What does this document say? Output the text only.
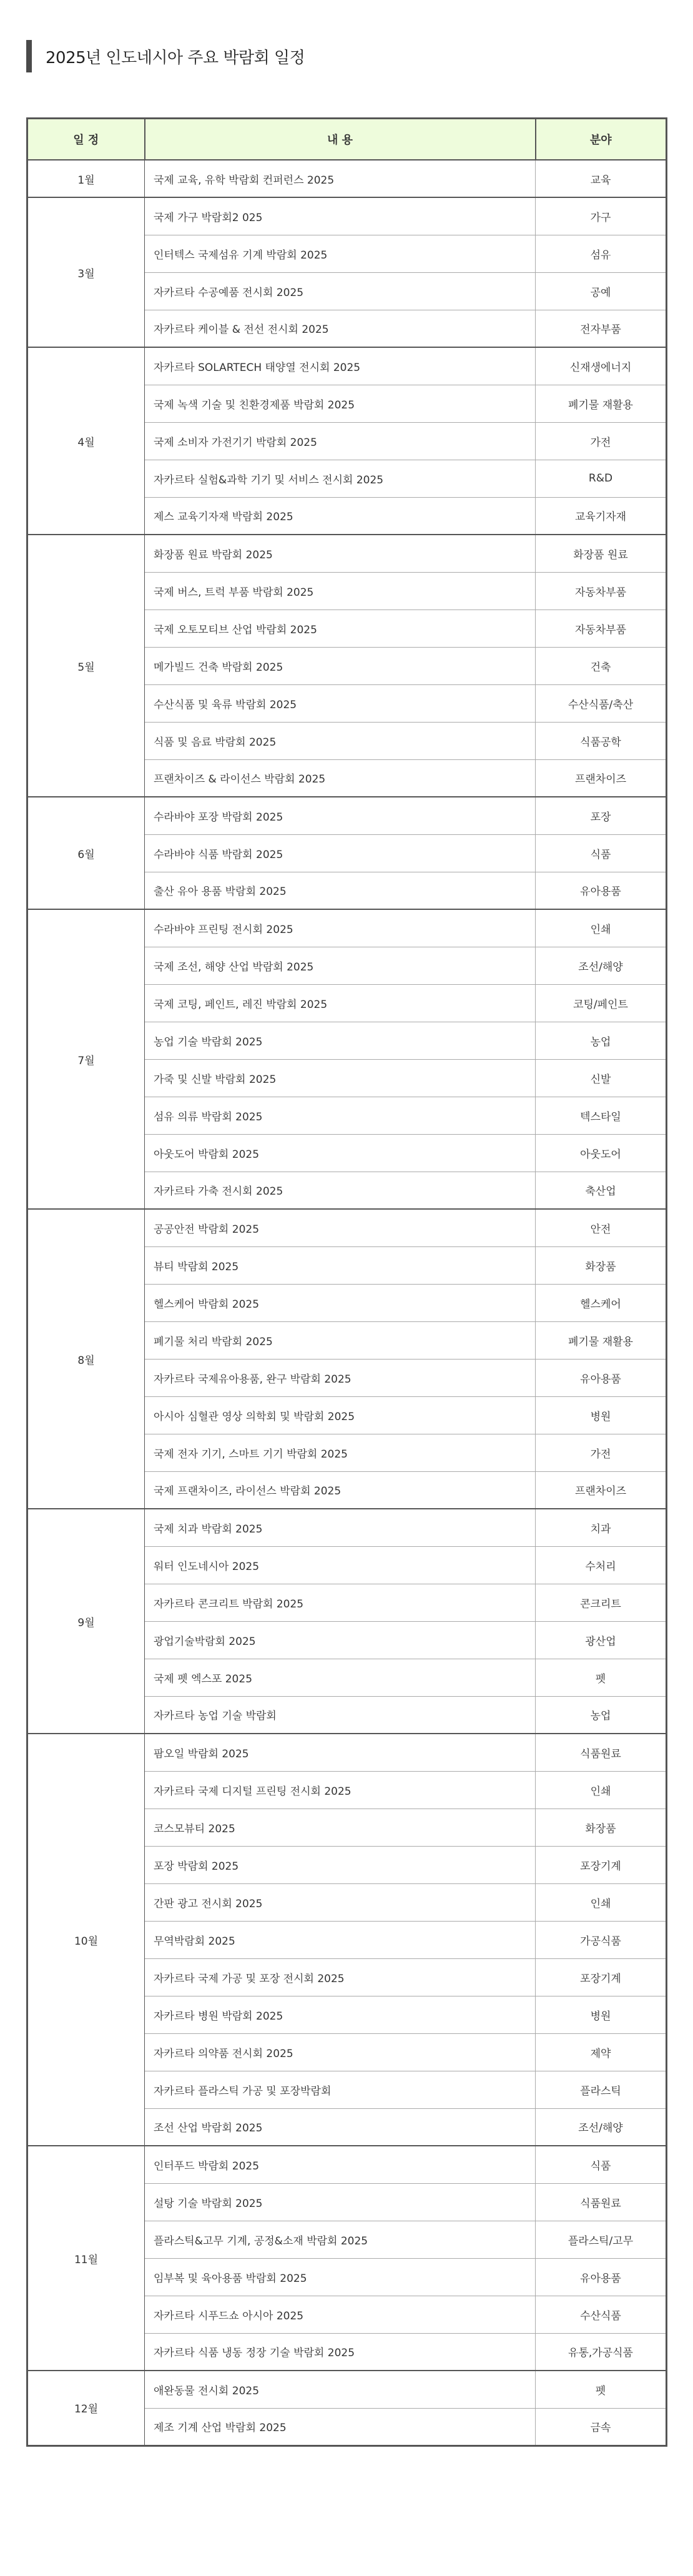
2025년 인도네시아 주요 박람회 일정
일 정	내 용	분야
1월	국제 교육, 유학 박람회 컨퍼런스 2025	교육
3월	국제 가구 박람회2 025	가구
	인터텍스 국제섬유 기계 박람회 2025	섬유
	자카르타 수공예품 전시회 2025	공예
	자카르타 케이블 & 전선 전시회 2025	전자부품
4월	자카르타 SOLARTECH 태양열 전시회 2025	신재생에너지
	국제 녹색 기술 및 친환경제품 박람회 2025	폐기물 재활용
	국제 소비자 가전기기 박람회 2025	가전
	자카르타 실험&과학 기기 및 서비스 전시회 2025	R&D
	제스 교육기자재 박람회 2025	교육기자재
5월	화장품 원료 박람회 2025	화장품 원료
	국제 버스, 트럭 부품 박람회 2025	자동차부품
	국제 오토모티브 산업 박람회 2025	자동차부품
	메가빌드 건축 박람회 2025	건축
	수산식품 및 육류 박람회 2025	수산식품/축산
	식품 및 음료 박람회 2025	식품공학
	프랜차이즈 & 라이선스 박람회 2025	프랜차이즈
6월	수라바야 포장 박람회 2025	포장
	수라바야 식품 박람회 2025	식품
	출산 유아 용품 박람회 2025	유아용품
7월	수라바야 프린팅 전시회 2025	인쇄
	국제 조선, 해양 산업 박람회 2025	조선/해양
	국제 코팅, 페인트, 레진 박람회 2025	코팅/페인트
	농업 기술 박람회 2025	농업
	가죽 및 신발 박람회 2025	신발
	섬유 의류 박람회 2025	텍스타일
	아웃도어 박람회 2025	아웃도어
	자카르타 가축 전시회 2025	축산업
8월	공공안전 박람회 2025	안전
	뷰티 박람회 2025	화장품
	헬스케어 박람회 2025	헬스케어
	폐기물 처리 박람회 2025	폐기물 재활용
	자카르타 국제유아용품, 완구 박람회 2025	유아용품
	아시아 심혈관 영상 의학회 및 박람회 2025	병원
	국제 전자 기기, 스마트 기기 박람회 2025	가전
	국제 프랜차이즈, 라이선스 박람회 2025	프랜차이즈
9월	국제 치과 박람회 2025	치과
	워터 인도네시아 2025	수처리
	자카르타 콘크리트 박람회 2025	콘크리트
	광업기술박람회 2025	광산업
	국제 펫 엑스포 2025	펫
	자카르타 농업 기술 박람회	농업
10월	팜오일 박람회 2025	식품원료
	자카르타 국제 디지털 프린팅 전시회 2025	인쇄
	코스모뷰티 2025	화장품
	포장 박람회 2025	포장기계
	간판 광고 전시회 2025	인쇄
	무역박람회 2025	가공식품
	자카르타 국제 가공 및 포장 전시회 2025	포장기계
	자카르타 병원 박람회 2025	병원
	자카르타 의약품 전시회 2025	제약
	자카르타 플라스틱 가공 및 포장박람회	플라스틱
	조선 산업 박람회 2025	조선/해양
11월	인터푸드 박람회 2025	식품
	설탕 기술 박람회 2025	식품원료
	플라스틱&고무 기계, 공정&소재 박람회 2025	플라스틱/고무
	임부복 및 육아용품 박람회 2025	유아용품
	자카르타 시푸드쇼 아시아 2025	수산식품
	자카르타 식품 냉동 정장 기술 박람회 2025	유통,가공식품
12월	애완동물 전시회 2025	펫
	제조 기계 산업 박람회 2025	금속
